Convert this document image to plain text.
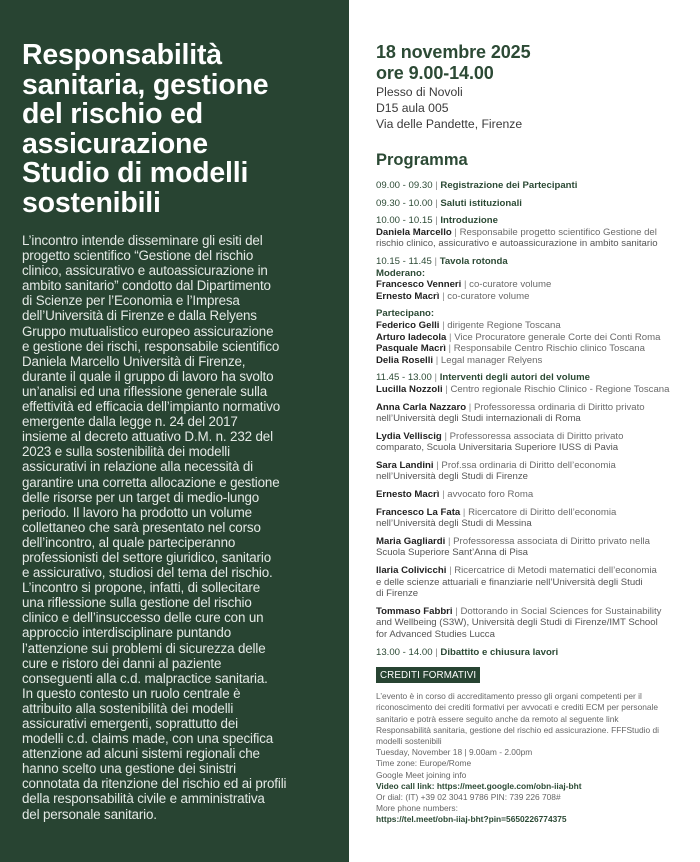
Responsabilità
sanitaria, gestione
del rischio ed
assicurazione
Studio di modelli
sostenibili
L’incontro intende disseminare gli esiti del
progetto scientifico “Gestione del rischio
clinico, assicurativo e autoassicurazione in
ambito sanitario” condotto dal Dipartimento
di Scienze per l’Economia e l’Impresa
dell’Università di Firenze e dalla Relyens
Gruppo mutualistico europeo assicurazione
e gestione dei rischi, responsabile scientifico
Daniela Marcello Università di Firenze,
durante il quale il gruppo di lavoro ha svolto
un’analisi ed una riflessione generale sulla
effettività ed efficacia dell’impianto normativo
emergente dalla legge n. 24 del 2017
insieme al decreto attuativo D.M. n. 232 del
2023 e sulla sostenibilità dei modelli
assicurativi in relazione alla necessità di
garantire una corretta allocazione e gestione
delle risorse per un target di medio-lungo
periodo. Il lavoro ha prodotto un volume
collettaneo che sarà presentato nel corso
dell’incontro, al quale parteciperanno
professionisti del settore giuridico, sanitario
e assicurativo, studiosi del tema del rischio.
L’incontro si propone, infatti, di sollecitare
una riflessione sulla gestione del rischio
clinico e dell’insuccesso delle cure con un
approccio interdisciplinare puntando
l’attenzione sui problemi di sicurezza delle
cure e ristoro dei danni al paziente
conseguenti alla c.d. malpractice sanitaria.
In questo contesto un ruolo centrale è
attribuito alla sostenibilità dei modelli
assicurativi emergenti, soprattutto dei
modelli c.d. claims made, con una specifica
attenzione ad alcuni sistemi regionali che
hanno scelto una gestione dei sinistri
connotata da ritenzione del rischio ed ai profili
della responsabilità civile e amministrativa
del personale sanitario.
18 novembre 2025
ore 9.00-14.00
Plesso di Novoli
D15 aula 005
Via delle Pandette, Firenze
Programma
09.00 - 09.30 | Registrazione dei Partecipanti
09.30 - 10.00 | Saluti istituzionali
10.00 - 10.15 | Introduzione
Daniela Marcello | Responsabile progetto scientifico Gestione del
rischio clinico, assicurativo e autoassicurazione in ambito sanitario
10.15 - 11.45 | Tavola rotonda
Moderano:
Francesco Venneri | co-curatore volume
Ernesto Macrì | co-curatore volume
Partecipano:
Federico Gelli | dirigente Regione Toscana
Arturo Iadecola | Vice Procuratore generale Corte dei Conti Roma
Pasquale Macrì | Responsabile Centro Rischio clinico Toscana
Delia Roselli | Legal manager Relyens
11.45 - 13.00 | Interventi degli autori del volume
Lucilla Nozzoli | Centro regionale Rischio Clinico - Regione Toscana
Anna Carla Nazzaro | Professoressa ordinaria di Diritto privato
nell’Università degli Studi internazionali di Roma
Lydia Velliscig | Professoressa associata di Diritto privato
comparato, Scuola Universitaria Superiore IUSS di Pavia
Sara Landini | Prof.ssa ordinaria di Diritto dell’economia
nell’Università degli Studi di Firenze
Ernesto Macrì | avvocato foro Roma
Francesco La Fata | Ricercatore di Diritto dell’economia
nell’Università degli Studi di Messina
Maria Gagliardi | Professoressa associata di Diritto privato nella
Scuola Superiore Sant’Anna di Pisa
Ilaria Colivicchi | Ricercatrice di Metodi matematici dell’economia
e delle scienze attuariali e finanziarie nell’Università degli Studi
di Firenze
Tommaso Fabbri | Dottorando in Social Sciences for Sustainability
and Wellbeing (S3W), Università degli Studi di Firenze/IMT School
for Advanced Studies Lucca
13.00 - 14.00 | Dibattito e chiusura lavori
CREDITI FORMATIVI
L’evento è in corso di accreditamento presso gli organi competenti per il
riconoscimento dei crediti formativi per avvocati e crediti ECM per personale
sanitario e potrà essere seguito anche da remoto al seguente link
Responsabilità sanitaria, gestione del rischio ed assicurazione. FFFStudio di
modelli sostenibili
Tuesday, November 18 | 9.00am - 2.00pm
Time zone: Europe/Rome
Google Meet joining info
Video call link: https://meet.google.com/obn-iiaj-bht
Or dial: (IT) +39 02 3041 9786 PIN: 739 226 708#
More phone numbers:
https://tel.meet/obn-iiaj-bht?pin=5650226774375
